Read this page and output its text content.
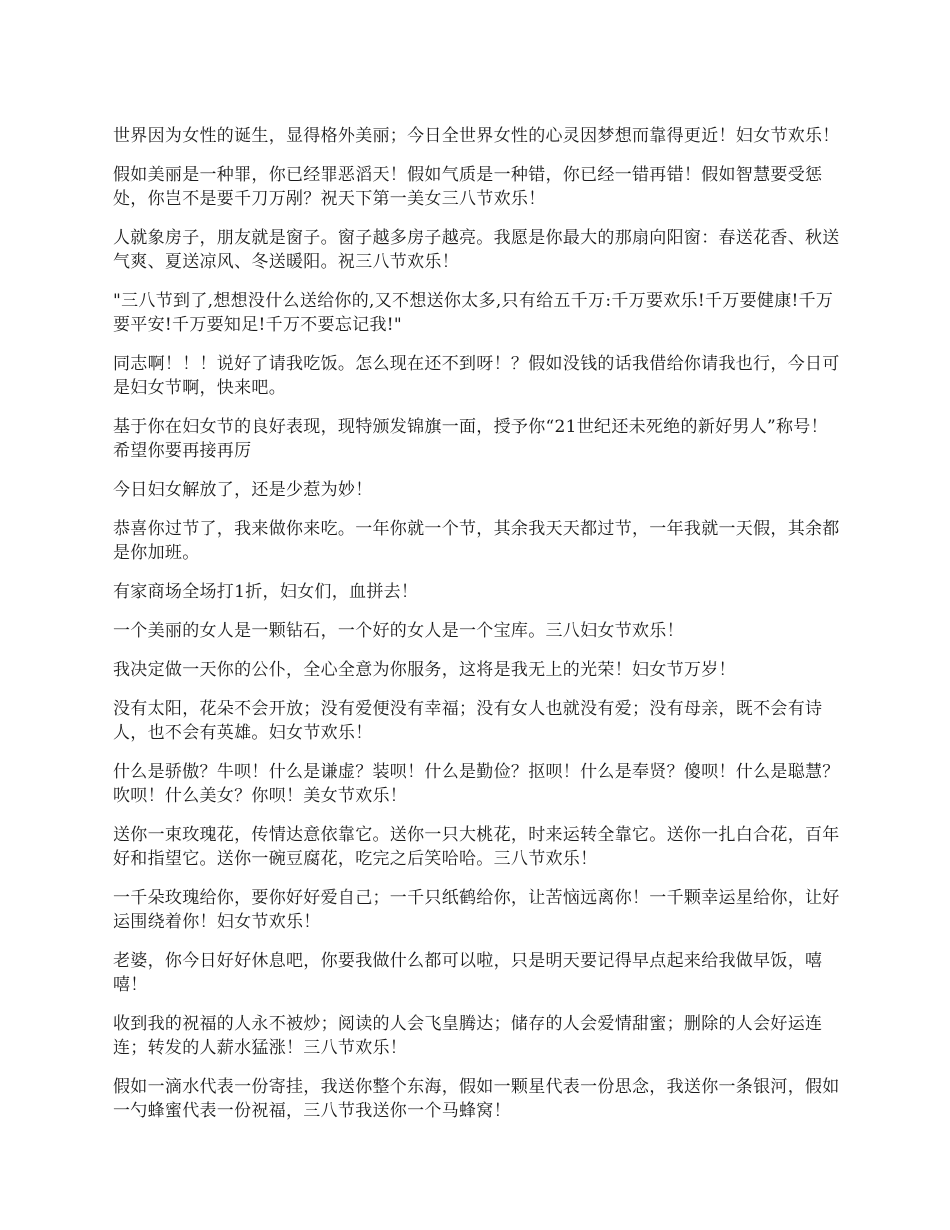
世界因为女性的诞生，显得格外美丽；今日全世界女性的心灵因梦想而靠得更近！妇女节欢乐！

假如美丽是一种罪，你已经罪恶滔天！假如气质是一种错，你已经一错再错！假如智慧要受惩处，你岂不是要千刀万剐？祝天下第一美女三八节欢乐！

人就象房子，朋友就是窗子。窗子越多房子越亮。我愿是你最大的那扇向阳窗：春送花香、秋送气爽、夏送凉风、冬送暖阳。祝三八节欢乐！

"三八节到了,想想没什么送给你的,又不想送你太多,只有给五千万:千万要欢乐!千万要健康!千万要平安!千万要知足!千万不要忘记我!"

同志啊！！！说好了请我吃饭。怎么现在还不到呀！？假如没钱的话我借给你请我也行，今日可是妇女节啊，快来吧。

基于你在妇女节的良好表现，现特颁发锦旗一面，授予你“21世纪还未死绝的新好男人”称号！希望你要再接再厉

今日妇女解放了，还是少惹为妙！

恭喜你过节了，我来做你来吃。一年你就一个节，其余我天天都过节，一年我就一天假，其余都是你加班。

有家商场全场打1折，妇女们，血拼去！

一个美丽的女人是一颗钻石，一个好的女人是一个宝库。三八妇女节欢乐！

我决定做一天你的公仆，全心全意为你服务，这将是我无上的光荣！妇女节万岁！

没有太阳，花朵不会开放；没有爱便没有幸福；没有女人也就没有爱；没有母亲，既不会有诗人，也不会有英雄。妇女节欢乐！

什么是骄傲？牛呗！什么是谦虚？装呗！什么是勤俭？抠呗！什么是奉贤？傻呗！什么是聪慧？吹呗！什么美女？你呗！美女节欢乐！

送你一束玫瑰花，传情达意依靠它。送你一只大桃花，时来运转全靠它。送你一扎白合花，百年好和指望它。送你一碗豆腐花，吃完之后笑哈哈。三八节欢乐！

一千朵玫瑰给你，要你好好爱自己；一千只纸鹤给你，让苦恼远离你！一千颗幸运星给你，让好运围绕着你！妇女节欢乐！

老婆，你今日好好休息吧，你要我做什么都可以啦，只是明天要记得早点起来给我做早饭，嘻嘻！

收到我的祝福的人永不被炒；阅读的人会飞皇腾达；储存的人会爱情甜蜜；删除的人会好运连连；转发的人薪水猛涨！三八节欢乐！

假如一滴水代表一份寄挂，我送你整个东海，假如一颗星代表一份思念，我送你一条银河，假如一勺蜂蜜代表一份祝福，三八节我送你一个马蜂窝！
